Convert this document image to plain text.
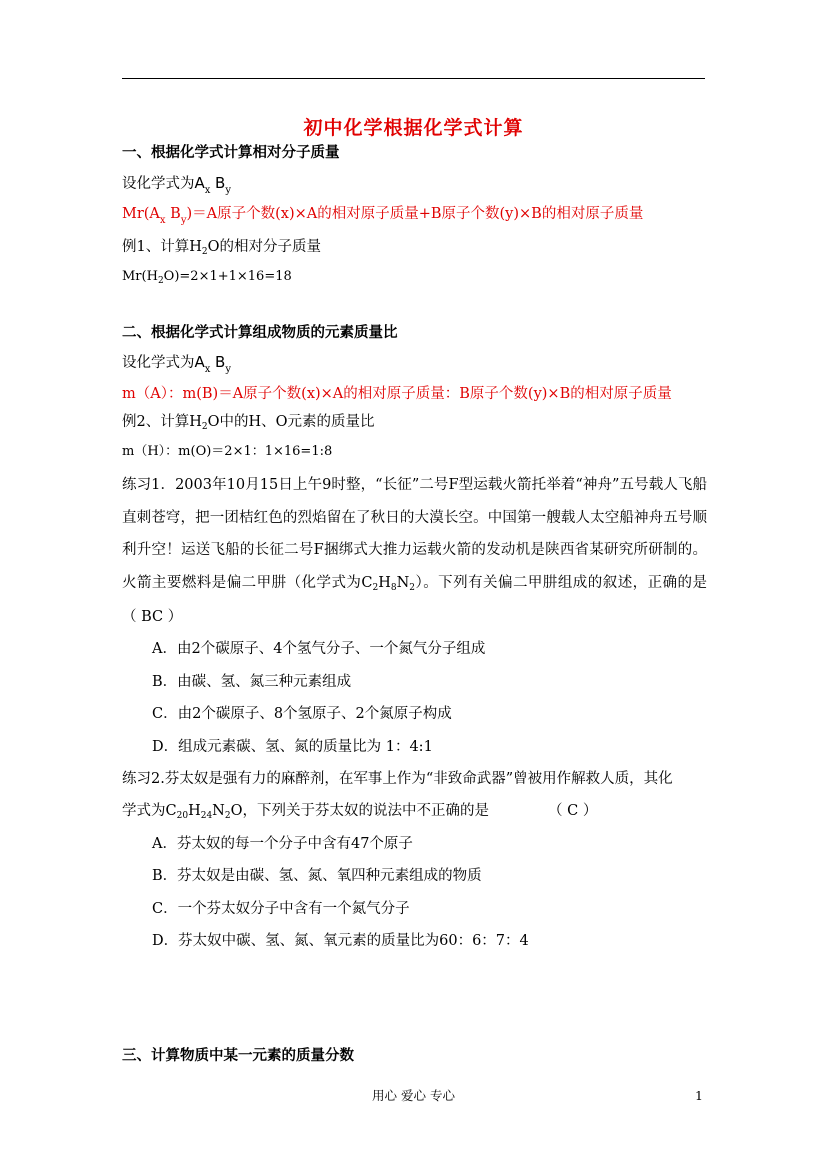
初中化学根据化学式计算
一、根据化学式计算相对分子质量
设化学式为$A_x$ $B_y$
$Mr(A_x$ $B_y)=A$原子个数(x)×A的相对原子质量+B原子个数(y)×B的相对原子质量
例1、计算$H_2O$的相对分子质量
$Mr(H_2O)=2\times 1+1\times 16=18$
二、根据化学式计算组成物质的元素质量比
设化学式为$A_x$ $B_y$
m（A）：m(B)＝A原子个数(x)×A的相对原子质量：B原子个数(y)×B的相对原子质量
例2、计算$H_2O$中的H、O元素的质量比
m（H）：m(O)＝2×1：1×16=1:8
练习1．2003年10月15日上午9时整，“长征”二号F型运载火箭托举着“神舟”五号载人飞船直刺苍穹，把一团桔红色的烈焰留在了秋日的大漠长空。中国第一艘载人太空船神舟五号顺利升空！运送飞船的长征二号F捆绑式大推力运载火箭的发动机是陕西省某研究所研制的。火箭主要燃料是偏二甲肼（化学式为$C_2H_8N_2$）。下列有关偏二甲肼组成的叙述，正确的是 （ BC ）
A．由2个碳原子、4个氢气分子、一个氮气分子组成
B．由碳、氢、氮三种元素组成
C．由2个碳原子、8个氢原子、2个氮原子构成
D．组成元素碳、氢、氮的质量比为 1：4:1
练习2.芬太奴是强有力的麻醉剂，在军事上作为“非致命武器”曾被用作解救人质，其化
学式为$C_{20}H_{24}N_2O$，下列关于芬太奴的说法中不正确的是	（ C ）
A．芬太奴的每一个分子中含有47个原子
B．芬太奴是由碳、氢、氮、氧四种元素组成的物质
C．一个芬太奴分子中含有一个氮气分子
D．芬太奴中碳、氢、氮、氧元素的质量比为60：6：7：4
三、计算物质中某一元素的质量分数
用心 爱心 专心	1
